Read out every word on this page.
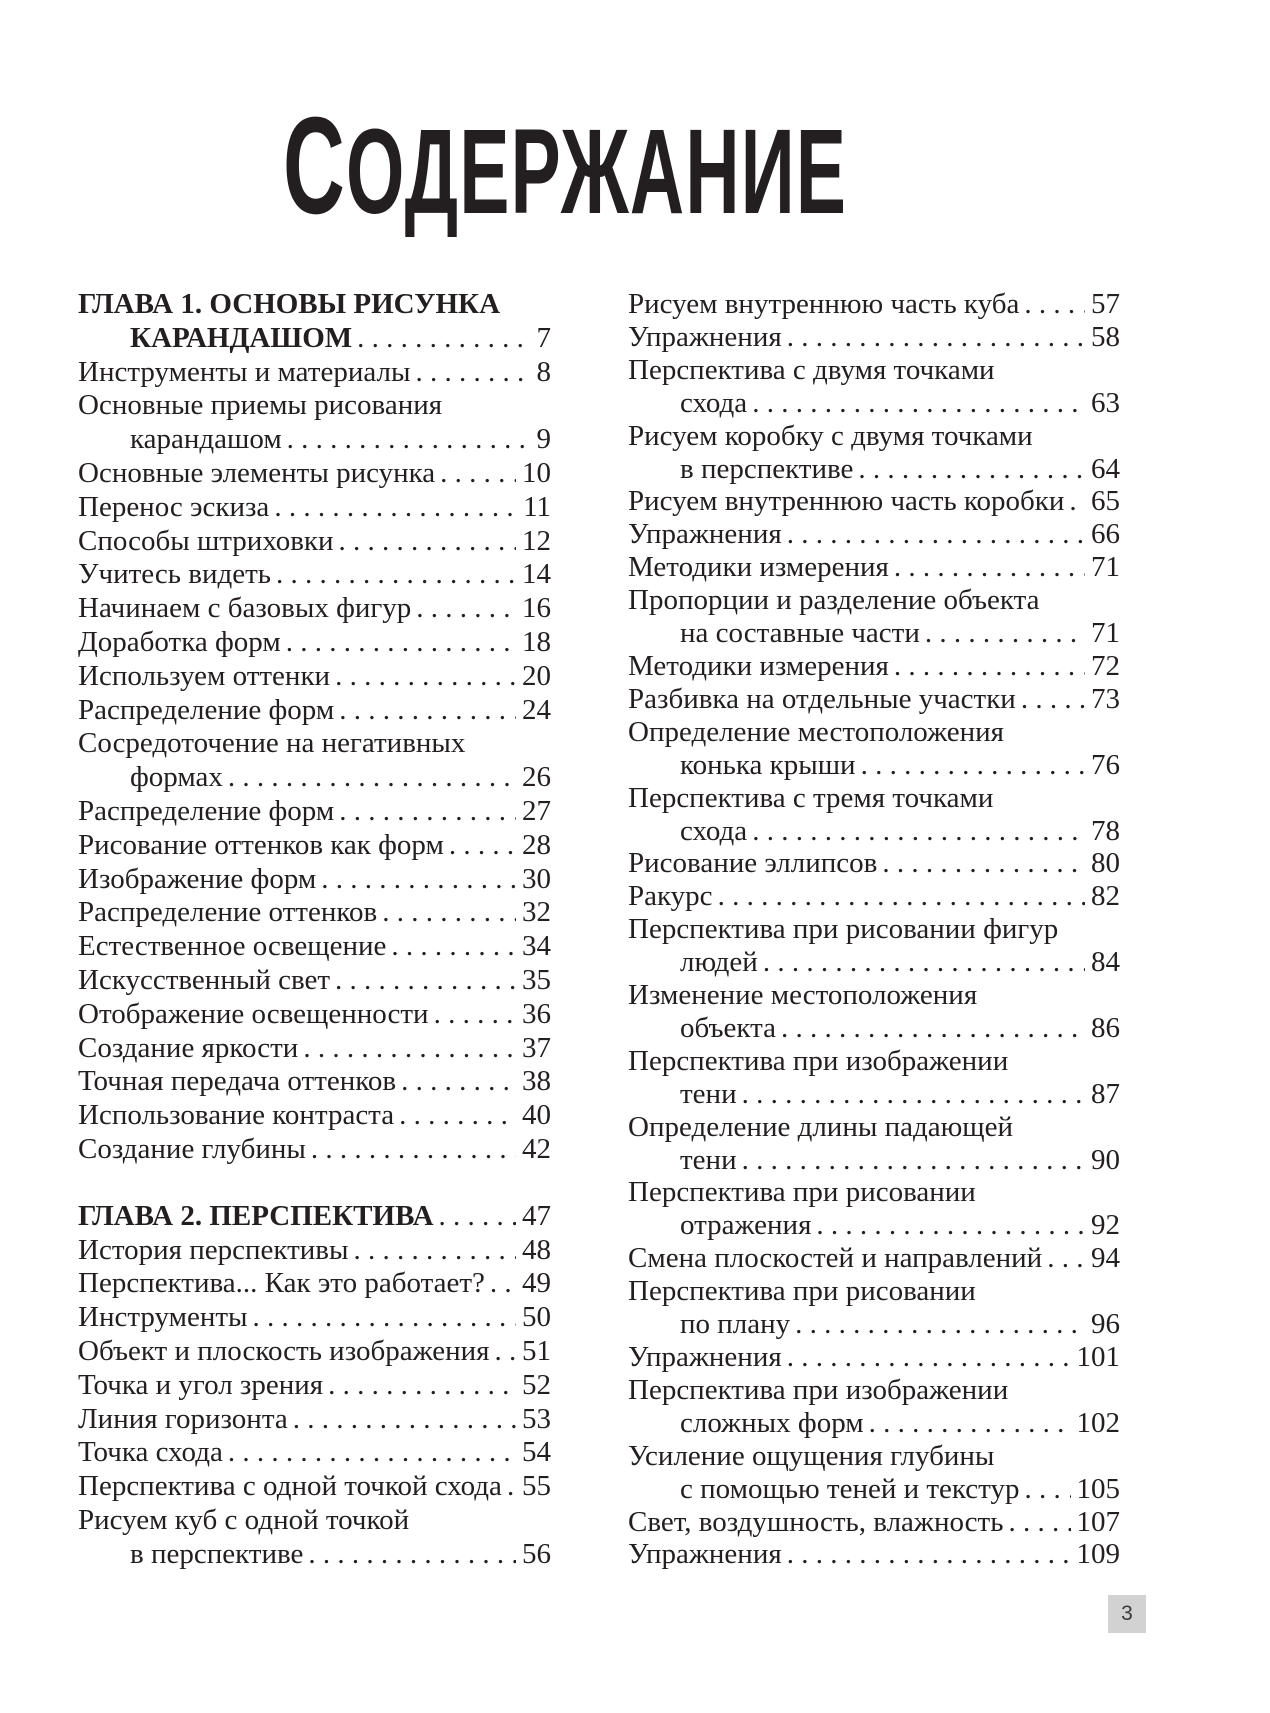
СОДЕРЖАНИЕ
ГЛАВА 1. ОСНОВЫ РИСУНКА
КАРАНДАШОМ . . .	7
Инструменты и материалы . . .	8
Основные приемы рисования
карандашом . . .	9
Основные элементы рисунка . . .	10
Перенос эскиза . . .	11
Способы штриховки . . .	12
Учитесь видеть . . .	14
Начинаем с базовых фигур . . .	16
Доработка форм . . .	18
Используем оттенки . . .	20
Распределение форм . . .	24
Сосредоточение на негативных
формах . . .	26
Распределение форм . . .	27
Рисование оттенков как форм . . .	28
Изображение форм . . .	30
Распределение оттенков . . .	32
Естественное освещение . . .	34
Искусственный свет . . .	35
Отображение освещенности . . .	36
Создание яркости . . .	37
Точная передача оттенков . . .	38
Использование контраста . . .	40
Создание глубины . . .	42
ГЛАВА 2. ПЕРСПЕКТИВА . . .	47
История перспективы . . .	48
Перспектива... Как это работает? . . . 49
Инструменты . . .	50
Объект и плоскость изображения . . . 51
Точка и угол зрения . . .	52
Линия горизонта . . .	53
Точка схода . . .	54
Перспектива с одной точкой схода . . . 55
Рисуем куб с одной точкой
в перспективе . . .	56
Рисуем внутреннюю часть куба . . . 57
Упражнения . . .	58
Перспектива с двумя точками
схода . . .	63
Рисуем коробку с двумя точками
в перспективе . . .	64
Рисуем внутреннюю часть коробки . . . 65
Упражнения . . .	66
Методики измерения . . .	71
Пропорции и разделение объекта
на составные части . . .	71
Методики измерения . . .	72
Разбивка на отдельные участки . . .	73
Определение местоположения
конька крыши . . .	76
Перспектива с тремя точками
схода . . .	78
Рисование эллипсов . . .	80
Ракурс . . .	82
Перспектива при рисовании фигур
людей . . .	84
Изменение местоположения
объекта . . .	86
Перспектива при изображении
тени . . .	87
Определение длины падающей
тени . . .	90
Перспектива при рисовании
отражения . . .	92
Смена плоскостей и направлений . . . 94
Перспектива при рисовании
по плану . . .	96
Упражнения . . .	101
Перспектива при изображении
сложных форм . . .	102
Усиление ощущения глубины
с помощью теней и текстур . . . 105
Свет, воздушность, влажность . . .	107
Упражнения . . .	109
3
